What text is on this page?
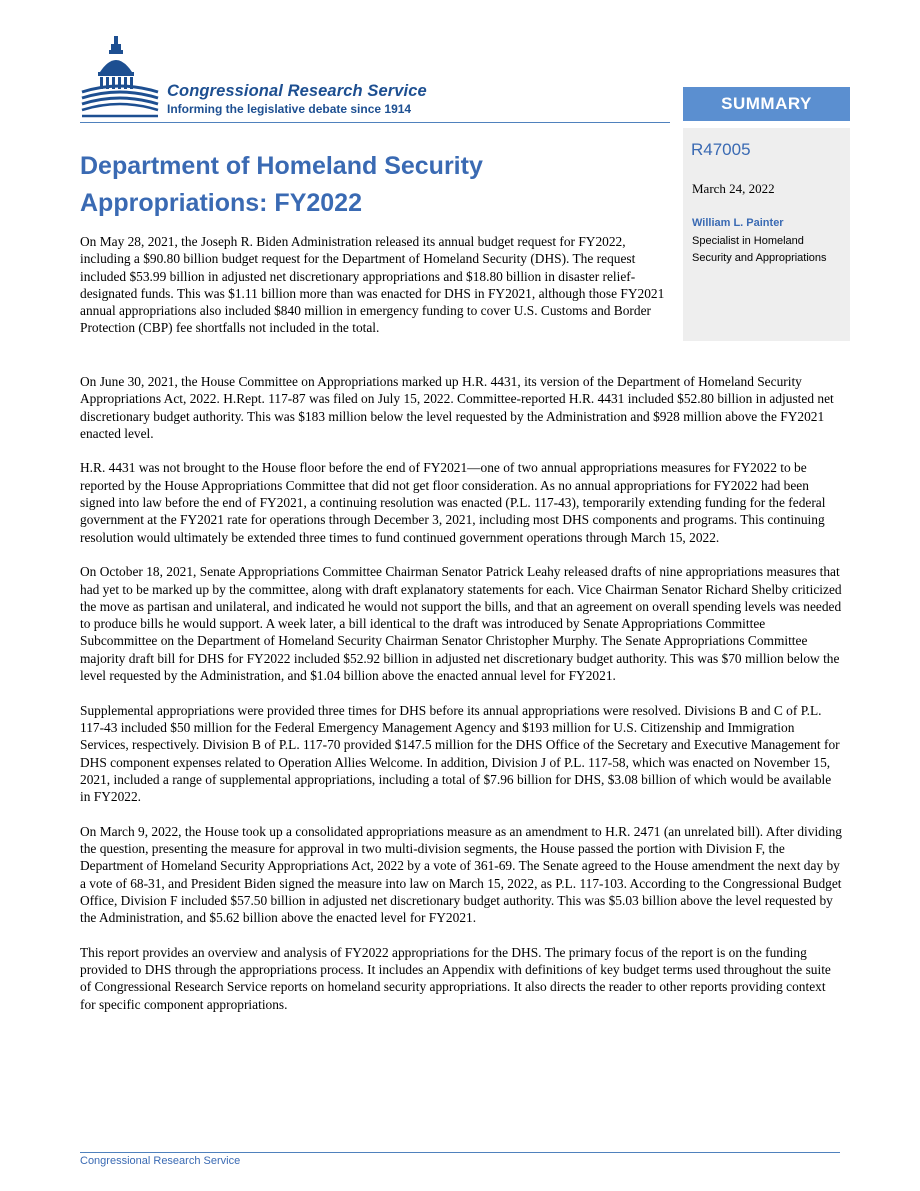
Congressional Research Service

Informing the legislative debate since 1914	SUMMARY

R47005

March 24, 2022

William L. Painter

Specialist in Homeland Security and Appropriations

Department of Homeland Security Appropriations: FY2022

On May 28, 2021, the Joseph R. Biden Administration released its annual budget request for FY2022, including a $90.80 billion budget request for the Department of Homeland Security (DHS). The request included $53.99 billion in adjusted net discretionary appropriations and $18.80 billion in disaster relief-designated funds. This was $1.11 billion more than was enacted for DHS in FY2021, although those FY2021 annual appropriations also included $840 million in emergency funding to cover U.S. Customs and Border Protection (CBP) fee shortfalls not included in the total.

On June 30, 2021, the House Committee on Appropriations marked up H.R. 4431, its version of the Department of Homeland Security Appropriations Act, 2022. H.Rept. 117-87 was filed on July 15, 2022. Committee-reported H.R. 4431 included $52.80 billion in adjusted net discretionary budget authority. This was $183 million below the level requested by the Administration and $928 million above the FY2021 enacted level.

H.R. 4431 was not brought to the House floor before the end of FY2021—one of two annual appropriations measures for FY2022 to be reported by the House Appropriations Committee that did not get floor consideration. As no annual appropriations for FY2022 had been signed into law before the end of FY2021, a continuing resolution was enacted (P.L. 117-43), temporarily extending funding for the federal government at the FY2021 rate for operations through December 3, 2021, including most DHS components and programs. This continuing resolution would ultimately be extended three times to fund continued government operations through March 15, 2022.

On October 18, 2021, Senate Appropriations Committee Chairman Senator Patrick Leahy released drafts of nine appropriations measures that had yet to be marked up by the committee, along with draft explanatory statements for each. Vice Chairman Senator Richard Shelby criticized the move as partisan and unilateral, and indicated he would not support the bills, and that an agreement on overall spending levels was needed to produce bills he would support. A week later, a bill identical to the draft was introduced by Senate Appropriations Committee Subcommittee on the Department of Homeland Security Chairman Senator Christopher Murphy. The Senate Appropriations Committee majority draft bill for DHS for FY2022 included $52.92 billion in adjusted net discretionary budget authority. This was $70 million below the level requested by the Administration, and $1.04 billion above the enacted annual level for FY2021.

Supplemental appropriations were provided three times for DHS before its annual appropriations were resolved. Divisions B and C of P.L. 117-43 included $50 million for the Federal Emergency Management Agency and $193 million for U.S. Citizenship and Immigration Services, respectively. Division B of P.L. 117-70 provided $147.5 million for the DHS Office of the Secretary and Executive Management for DHS component expenses related to Operation Allies Welcome. In addition, Division J of P.L. 117-58, which was enacted on November 15, 2021, included a range of supplemental appropriations, including a total of $7.96 billion for DHS, $3.08 billion of which would be available in FY2022.

On March 9, 2022, the House took up a consolidated appropriations measure as an amendment to H.R. 2471 (an unrelated bill). After dividing the question, presenting the measure for approval in two multi-division segments, the House passed the portion with Division F, the Department of Homeland Security Appropriations Act, 2022 by a vote of 361-69. The Senate agreed to the House amendment the next day by a vote of 68-31, and President Biden signed the measure into law on March 15, 2022, as P.L. 117-103. According to the Congressional Budget Office, Division F included $57.50 billion in adjusted net discretionary budget authority. This was $5.03 billion above the level requested by the Administration, and $5.62 billion above the enacted level for FY2021.

This report provides an overview and analysis of FY2022 appropriations for the DHS. The primary focus of the report is on the funding provided to DHS through the appropriations process. It includes an Appendix with definitions of key budget terms used throughout the suite of Congressional Research Service reports on homeland security appropriations. It also directs the reader to other reports providing context for specific component appropriations.

Congressional Research Service
